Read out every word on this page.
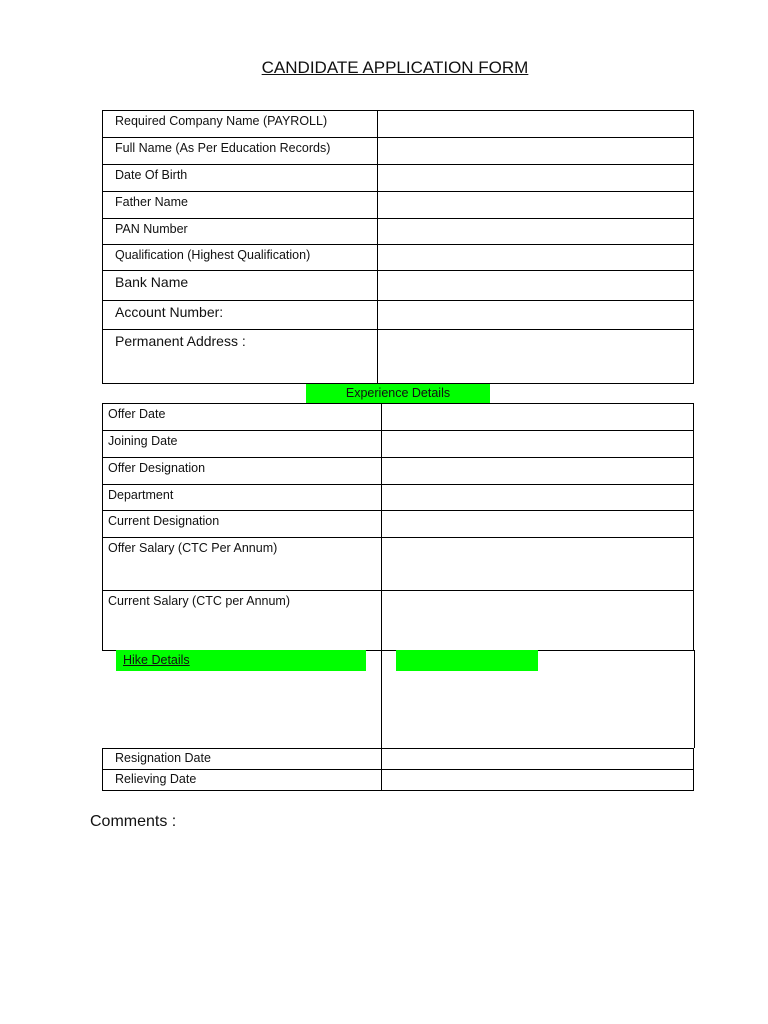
CANDIDATE APPLICATION FORM
Required Company Name (PAYROLL)	

Full Name (As Per Education Records)	

Date Of Birth	

Father Name	

PAN Number	

Qualification (Highest Qualification)	

Bank Name	

Account Number:	

Permanent Address :	

Experience Details
Offer Date	

Joining Date	

Offer Designation	

Department	

Current Designation	

Offer Salary (CTC Per Annum)	

Current Salary (CTC per Annum)	

Hike Details
Resignation Date	

Relieving Date	

Comments :
